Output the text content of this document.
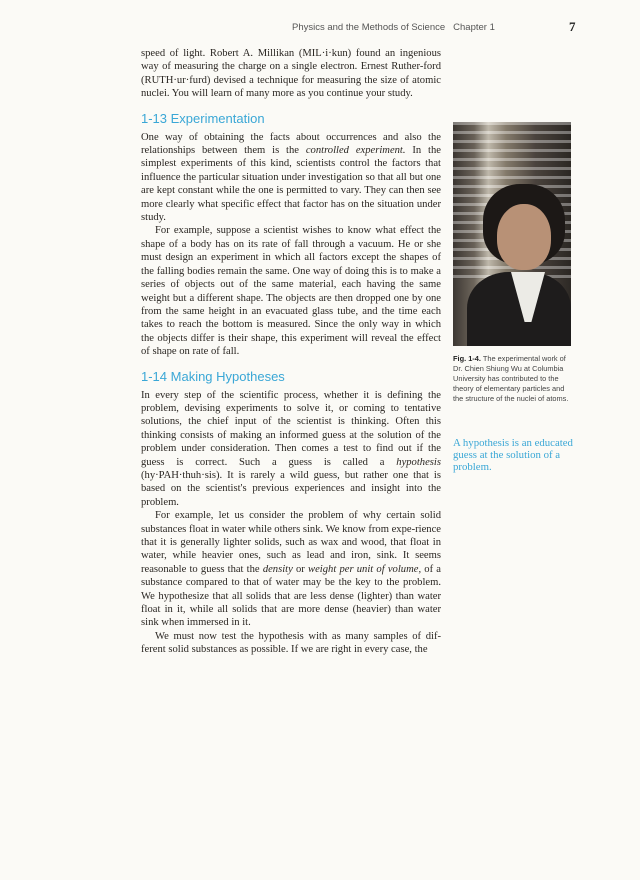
Physics and the Methods of Science Chapter 1	7

speed of light. Robert A. Millikan (MIL·i·kun) found an ingenious way of measuring the charge on a single electron. Ernest Ruther-ford (RUTH·ur·furd) devised a technique for measuring the size of atomic nuclei. You will learn of many more as you continue your study.

1-13 Experimentation

One way of obtaining the facts about occurrences and also the relationships between them is the controlled experiment. In the simplest experiments of this kind, scientists control the factors that influence the particular situation under investigation so that all but one are kept constant while the one is permitted to vary. They can then see more clearly what specific effect that factor has on the situation under study.

For example, suppose a scientist wishes to know what effect the shape of a body has on its rate of fall through a vacuum. He or she must design an experiment in which all factors except the shapes of the falling bodies remain the same. One way of doing this is to make a series of objects out of the same material, each having the same weight but a different shape. The objects are then dropped one by one from the same height in an evacuated glass tube, and the time each takes to reach the bottom is measured. Since the only way in which the objects differ is their shape, this experiment will reveal the effect of shape on rate of fall.

1-14 Making Hypotheses

In every step of the scientific process, whether it is defining the problem, devising experiments to solve it, or coming to tentative solutions, the chief input of the scientist is thinking. Often this thinking consists of making an informed guess at the solution of the problem under consideration. Then comes a test to find out if the guess is correct. Such a guess is called a hypothesis (hy·PAH·thuh·sis). It is rarely a wild guess, but rather one that is based on the scientist's previous experiences and insight into the problem.

For example, let us consider the problem of why certain solid substances float in water while others sink. We know from expe-rience that it is generally lighter solids, such as wax and wood, that float in water, while heavier ones, such as lead and iron, sink. It seems reasonable to guess that the density or weight per unit of volume, of a substance compared to that of water may be the key to the problem. We hypothesize that all solids that are less dense (lighter) than water float in it, while all solids that are more dense (heavier) than water sink when immersed in it.

We must now test the hypothesis with as many samples of dif-ferent solid substances as possible. If we are right in every case, the

Fig. 1-4. The experimental work of Dr. Chien Shiung Wu at Columbia University has contributed to the theory of elementary particles and the structure of the nuclei of atoms.
A hypothesis is an educated guess at the solution of a problem.
